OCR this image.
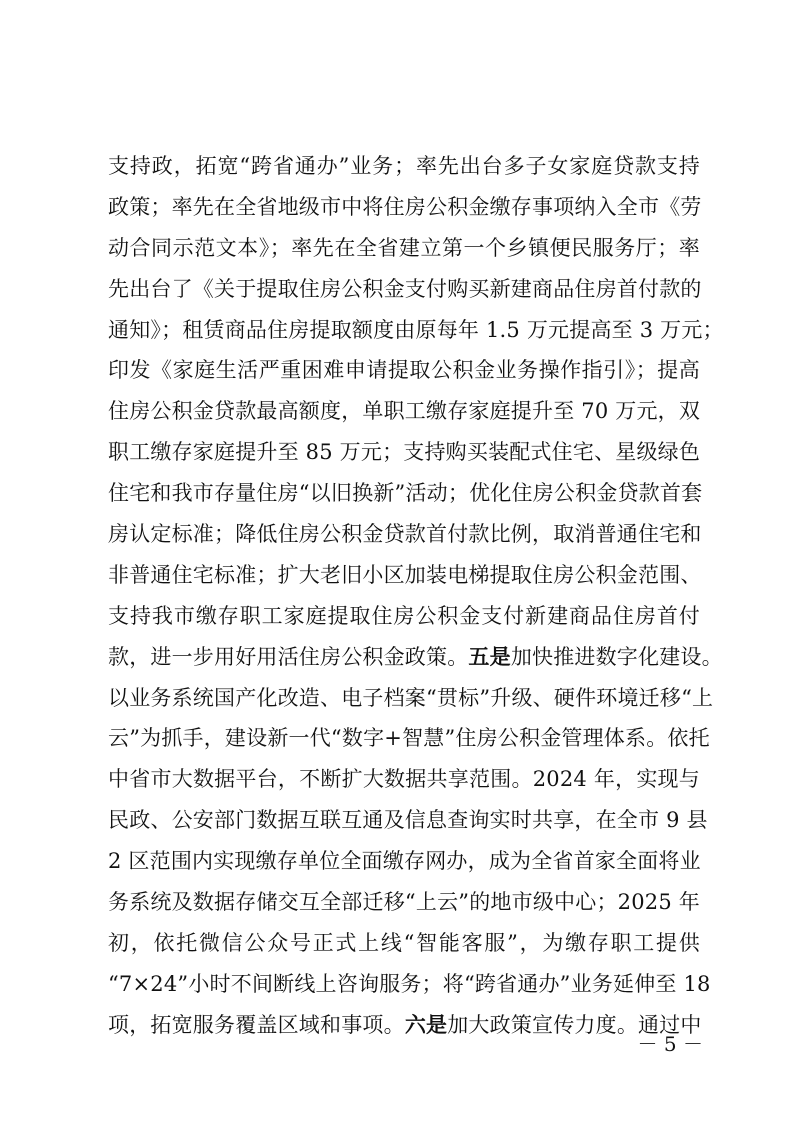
支持政，拓宽“跨省通办”业务；率先出台多子女家庭贷款支持
政策；率先在全省地级市中将住房公积金缴存事项纳入全市《劳
动合同示范文本》；率先在全省建立第一个乡镇便民服务厅；率
先出台了《关于提取住房公积金支付购买新建商品住房首付款的
通知》；租赁商品住房提取额度由原每年 1.5 万元提高至 3 万元；
印发《家庭生活严重困难申请提取公积金业务操作指引》；提高
住房公积金贷款最高额度，单职工缴存家庭提升至 70 万元，双
职工缴存家庭提升至 85 万元；支持购买装配式住宅、星级绿色
住宅和我市存量住房“以旧换新”活动；优化住房公积金贷款首套
房认定标准；降低住房公积金贷款首付款比例，取消普通住宅和
非普通住宅标准；扩大老旧小区加装电梯提取住房公积金范围、
支持我市缴存职工家庭提取住房公积金支付新建商品住房首付
款，进一步用好用活住房公积金政策。五是加快推进数字化建设。
以业务系统国产化改造、电子档案“贯标”升级、硬件环境迁移“上
云”为抓手，建设新一代“数字+智慧”住房公积金管理体系。依托
中省市大数据平台，不断扩大数据共享范围。2024 年，实现与
民政、公安部门数据互联互通及信息查询实时共享，在全市 9 县
2 区范围内实现缴存单位全面缴存网办，成为全省首家全面将业
务系统及数据存储交互全部迁移“上云”的地市级中心；2025 年
初，依托微信公众号正式上线“智能客服”，为缴存职工提供
“7×24”小时不间断线上咨询服务；将“跨省通办”业务延伸至 18
项，拓宽服务覆盖区域和事项。六是加大政策宣传力度。通过中
－ 5 －
